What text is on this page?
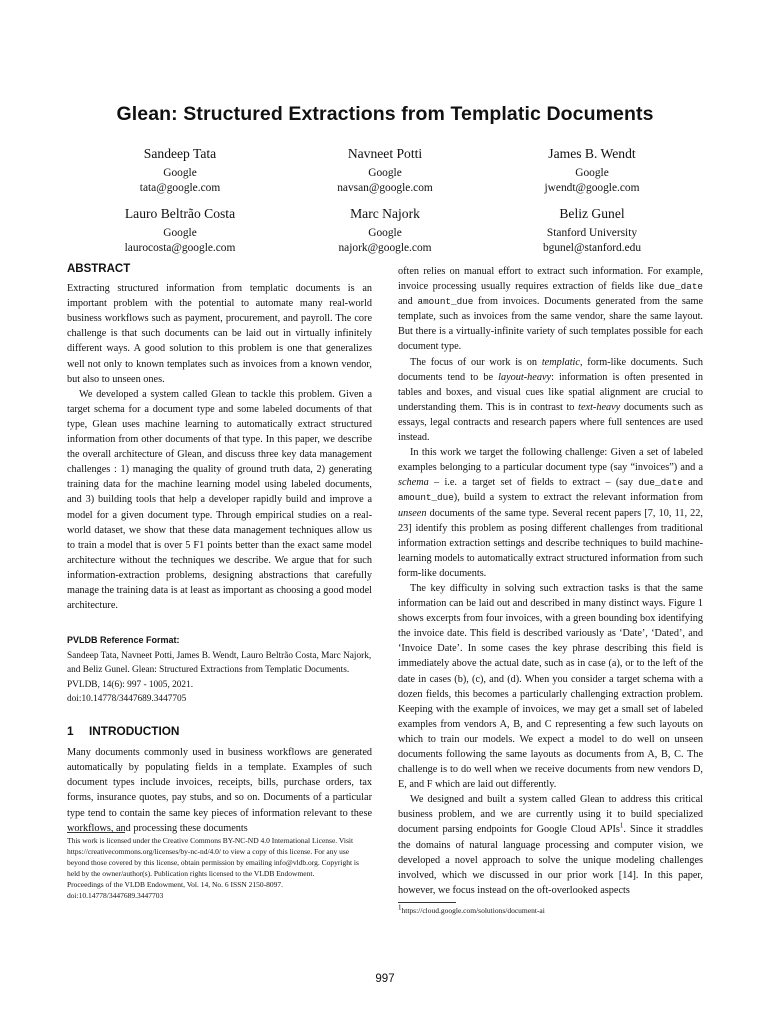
Glean: Structured Extractions from Templatic Documents
Sandeep Tata
Google
tata@google.com
Navneet Potti
Google
navsan@google.com
James B. Wendt
Google
jwendt@google.com
Lauro Beltrão Costa
Google
laurocosta@google.com
Marc Najork
Google
najork@google.com
Beliz Gunel
Stanford University
bgunel@stanford.edu
ABSTRACT

Extracting structured information from templatic documents is an important problem with the potential to automate many real-world business workflows such as payment, procurement, and payroll. The core challenge is that such documents can be laid out in virtually infinitely different ways. A good solution to this problem is one that generalizes well not only to known templates such as invoices from a known vendor, but also to unseen ones.

We developed a system called Glean to tackle this problem. Given a target schema for a document type and some labeled documents of that type, Glean uses machine learning to automatically extract structured information from other documents of that type. In this paper, we describe the overall architecture of Glean, and discuss three key data management challenges : 1) managing the quality of ground truth data, 2) generating training data for the machine learning model using labeled documents, and 3) building tools that help a developer rapidly build and improve a model for a given document type. Through empirical studies on a real-world dataset, we show that these data management techniques allow us to train a model that is over 5 F1 points better than the exact same model architecture without the techniques we describe. We argue that for such information-extraction problems, designing abstractions that carefully manage the training data is at least as important as choosing a good model architecture.

PVLDB Reference Format:
Sandeep Tata, Navneet Potti, James B. Wendt, Lauro Beltrão Costa, Marc Najork, and Beliz Gunel. Glean: Structured Extractions from Templatic Documents. PVLDB, 14(6): 997 - 1005, 2021.
doi:10.14778/3447689.3447705
1 INTRODUCTION

Many documents commonly used in business workflows are generated automatically by populating fields in a template. Examples of such document types include invoices, receipts, bills, purchase orders, tax forms, insurance quotes, pay stubs, and so on. Documents of a particular type tend to contain the same key pieces of information relevant to these workflows, and processing these documents

This work is licensed under the Creative Commons BY-NC-ND 4.0 International License. Visit https://creativecommons.org/licenses/by-nc-nd/4.0/ to view a copy of this license. For any use beyond those covered by this license, obtain permission by emailing info@vldb.org. Copyright is held by the owner/author(s). Publication rights licensed to the VLDB Endowment.
Proceedings of the VLDB Endowment, Vol. 14, No. 6 ISSN 2150-8097.
doi:10.14778/3447689.3447703

often relies on manual effort to extract such information. For example, invoice processing usually requires extraction of fields like due_date and amount_due from invoices. Documents generated from the same template, such as invoices from the same vendor, share the same layout. But there is a virtually-infinite variety of such templates possible for each document type.

The focus of our work is on templatic, form-like documents. Such documents tend to be layout-heavy: information is often presented in tables and boxes, and visual cues like spatial alignment are crucial to understanding them. This is in contrast to text-heavy documents such as essays, legal contracts and research papers where full sentences are used instead.

In this work we target the following challenge: Given a set of labeled examples belonging to a particular document type (say “invoices”) and a schema – i.e. a target set of fields to extract – (say due_date and amount_due), build a system to extract the relevant information from unseen documents of the same type. Several recent papers [7, 10, 11, 22, 23] identify this problem as posing different challenges from traditional information extraction settings and describe techniques to build machine-learning models to automatically extract structured information from such form-like documents.

The key difficulty in solving such extraction tasks is that the same information can be laid out and described in many distinct ways. Figure 1 shows excerpts from four invoices, with a green bounding box identifying the invoice date. This field is described variously as ‘Date’, ‘Dated’, and ‘Invoice Date’. In some cases the key phrase describing this field is immediately above the actual date, such as in case (a), or to the left of the date in cases (b), (c), and (d). When you consider a target schema with a dozen fields, this becomes a particularly challenging extraction problem. Keeping with the example of invoices, we may get a small set of labeled examples from vendors A, B, and C representing a few such layouts on which to train our models. We expect a model to do well on unseen documents following the same layouts as documents from A, B, C. The challenge is to do well when we receive documents from new vendors D, E, and F which are laid out differently.

We designed and built a system called Glean to address this critical business problem, and we are currently using it to build specialized document parsing endpoints for Google Cloud APIs$^1$. Since it straddles the domains of natural language processing and computer vision, we developed a novel approach to solve the unique modeling challenges involved, which we discussed in our prior work [14]. In this paper, however, we focus instead on the oft-overlooked aspects

$^1$https://cloud.google.com/solutions/document-ai
997
